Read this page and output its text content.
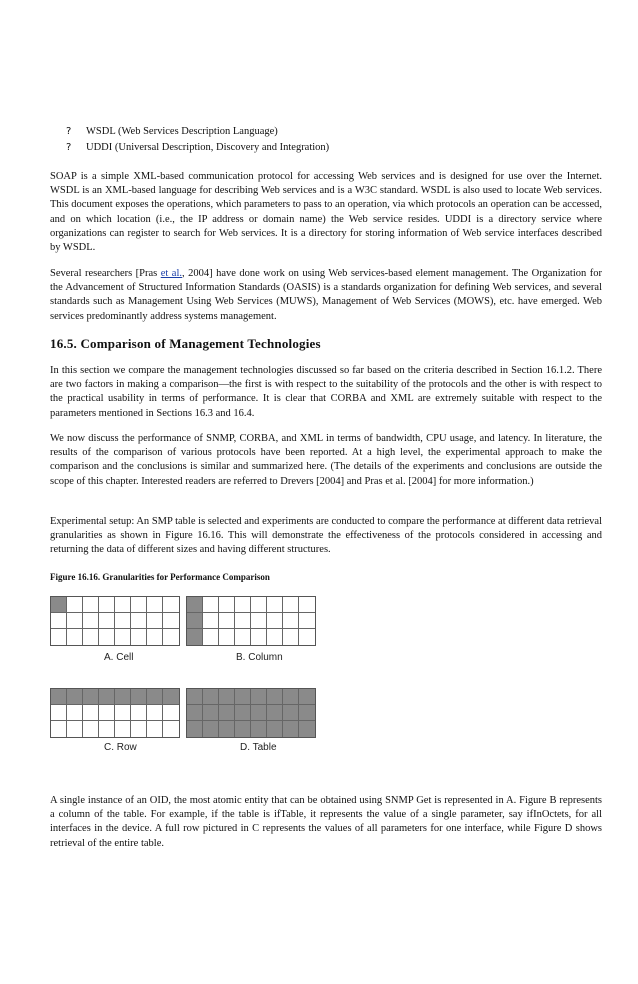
?	WSDL (Web Services Description Language)
?	UDDI (Universal Description, Discovery and Integration)

SOAP is a simple XML-based communication protocol for accessing Web services and is designed for use over the Internet. WSDL is an XML-based language for describing Web services and is a W3C standard. WSDL is also used to locate Web services. This document exposes the operations, which parameters to pass to an operation, via which protocols an operation can be accessed, and on which location (i.e., the IP address or domain name) the Web service resides. UDDI is a directory service where organizations can register to search for Web services. It is a directory for storing information of Web service interfaces described by WSDL.

Several researchers [Pras et al., 2004] have done work on using Web services-based element management. The Organization for the Advancement of Structured Information Standards (OASIS) is a standards organization for defining Web services, and several standards such as Management Using Web Services (MUWS), Management of Web Services (MOWS), etc. have emerged. Web services predominantly address systems management.

16.5. Comparison of Management Technologies

In this section we compare the management technologies discussed so far based on the criteria described in Section 16.1.2. There are two factors in making a comparison—the first is with respect to the suitability of the protocols and the other is with respect to the practical usability in terms of performance. It is clear that CORBA and XML are extremely suitable with respect to the parameters mentioned in Sections 16.3 and 16.4.

We now discuss the performance of SNMP, CORBA, and XML in terms of bandwidth, CPU usage, and latency. In literature, the results of the comparison of various protocols have been reported. At a high level, the experimental approach to make the comparison and the conclusions is similar and summarized here. (The details of the experiments and conclusions are outside the scope of this chapter. Interested readers are referred to Drevers [2004] and Pras et al. [2004] for more information.)

Experimental setup: An SMP table is selected and experiments are conducted to compare the performance at different data retrieval granularities as shown in Figure 16.16. This will demonstrate the effectiveness of the protocols considered in accessing and returning the data of different sizes and having different structures.

Figure 16.16. Granularities for Performance Comparison
A. Cell	B. Column
C. Row	D. Table

A single instance of an OID, the most atomic entity that can be obtained using SNMP Get is represented in A. Figure B represents a column of the table. For example, if the table is ifTable, it represents the value of a single parameter, say ifInOctets, for all interfaces in the device. A full row pictured in C represents the values of all parameters for one interface, while Figure D shows retrieval of the entire table.
